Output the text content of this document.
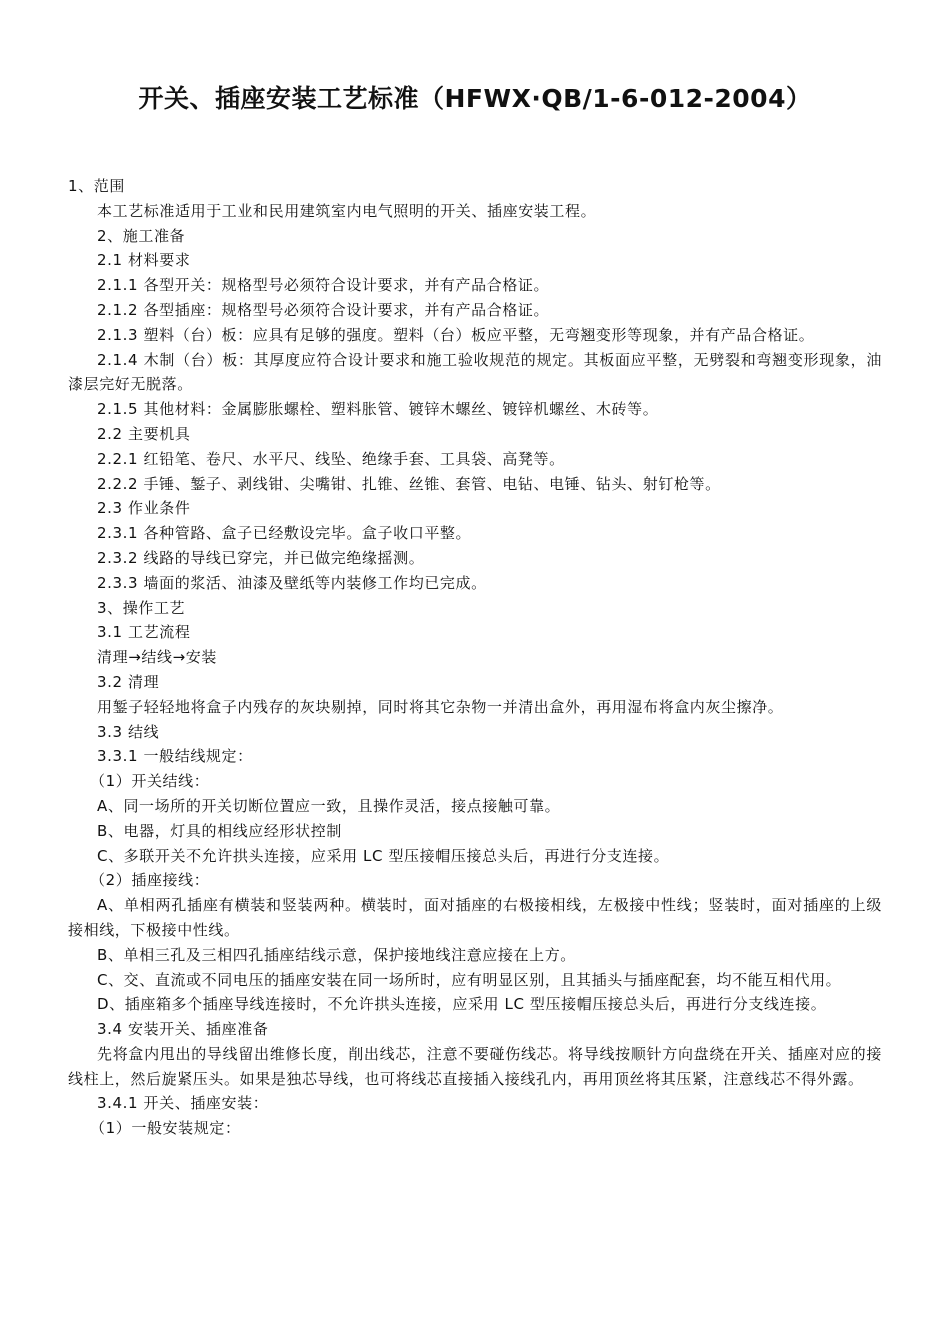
开关、插座安装工艺标准（HFWX·QB/1-6-012-2004）

1、范围

本工艺标准适用于工业和民用建筑室内电气照明的开关、插座安装工程。

2、施工准备

2.1 材料要求

2.1.1 各型开关：规格型号必须符合设计要求，并有产品合格证。

2.1.2 各型插座：规格型号必须符合设计要求，并有产品合格证。

2.1.3 塑料（台）板：应具有足够的强度。塑料（台）板应平整，无弯翘变形等现象，并有产品合格证。

2.1.4 木制（台）板：其厚度应符合设计要求和施工验收规范的规定。其板面应平整，无劈裂和弯翘变形现象，油漆层完好无脱落。

2.1.5 其他材料：金属膨胀螺栓、塑料胀管、镀锌木螺丝、镀锌机螺丝、木砖等。

2.2 主要机具

2.2.1 红铅笔、卷尺、水平尺、线坠、绝缘手套、工具袋、高凳等。

2.2.2 手锤、錾子、剥线钳、尖嘴钳、扎锥、丝锥、套管、电钻、电锤、钻头、射钉枪等。

2.3 作业条件

2.3.1 各种管路、盒子已经敷设完毕。盒子收口平整。

2.3.2 线路的导线已穿完，并已做完绝缘摇测。

2.3.3 墙面的浆活、油漆及壁纸等内装修工作均已完成。

3、操作工艺

3.1 工艺流程

清理→结线→安装

3.2 清理

用錾子轻轻地将盒子内残存的灰块剔掉，同时将其它杂物一并清出盒外，再用湿布将盒内灰尘擦净。

3.3 结线

3.3.1 一般结线规定：

（1）开关结线：

A、同一场所的开关切断位置应一致，且操作灵活，接点接触可靠。

B、电器，灯具的相线应经形状控制

C、多联开关不允许拱头连接，应采用 LC 型压接帽压接总头后，再进行分支连接。

（2）插座接线：

A、单相两孔插座有横装和竖装两种。横装时，面对插座的右极接相线，左极接中性线；竖装时，面对插座的上级接相线，下极接中性线。

B、单相三孔及三相四孔插座结线示意，保护接地线注意应接在上方。

C、交、直流或不同电压的插座安装在同一场所时，应有明显区别，且其插头与插座配套，均不能互相代用。

D、插座箱多个插座导线连接时，不允许拱头连接，应采用 LC 型压接帽压接总头后，再进行分支线连接。

3.4 安装开关、插座准备

先将盒内甩出的导线留出维修长度，削出线芯，注意不要碰伤线芯。将导线按顺针方向盘绕在开关、插座对应的接线柱上，然后旋紧压头。如果是独芯导线，也可将线芯直接插入接线孔内，再用顶丝将其压紧，注意线芯不得外露。

3.4.1 开关、插座安装：

（1）一般安装规定：
